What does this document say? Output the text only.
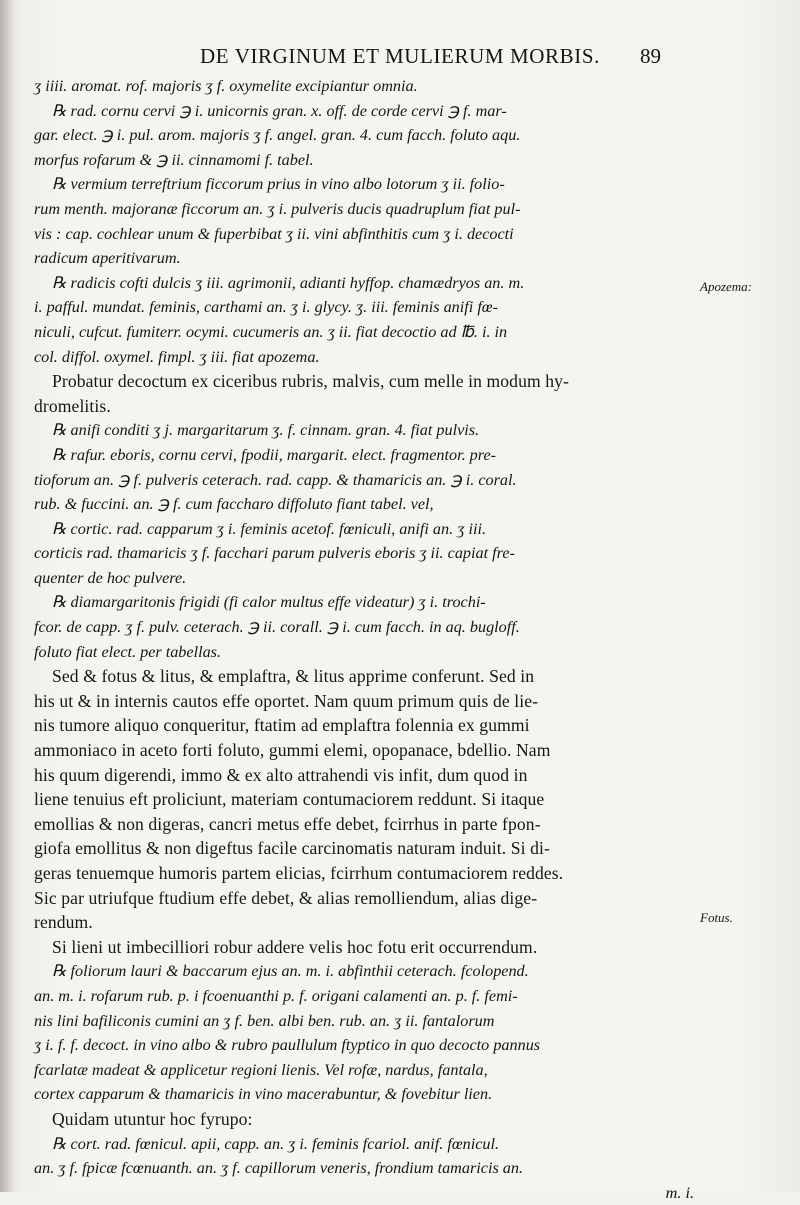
DE VIRGINUM ET MULIERUM MORBIS.	89
Apozema:
Fotus.
ʒ iiii. aromat. rof. majoris ʒ f. oxymelite excipiantur omnia.
℞ rad. cornu cervi ℈ i. unicornis gran. x. off. de corde cervi ℈ f. mar-
gar. elect. ℈ i. pul. arom. majoris ʒ f. angel. gran. 4. cum facch. foluto aqu.
morfus rofarum & ℈ ii. cinnamomi f. tabel.
℞ vermium terreftrium ficcorum prius in vino albo lotorum ʒ ii. folio-
rum menth. majoranæ ficcorum an. ʒ i. pulveris ducis quadruplum fiat pul-
vis : cap. cochlear unum & fuperbibat ʒ ii. vini abfinthitis cum ʒ i. decocti
radicum aperitivarum.
℞ radicis cofti dulcis ʒ iii. agrimonii, adianti hyffop. chamædryos an. m.
i. pafful. mundat. feminis, carthami an. ʒ i. glycy. ʒ. iii. feminis anifi fœ-
niculi, cufcut. fumiterr. ocymi. cucumeris an. ʒ ii. fiat decoctio ad ℔. i. in
col. diffol. oxymel. fimpl. ʒ iii. fiat apozema.
Probatur decoctum ex ciceribus rubris, malvis, cum melle in modum hy-
dromelitis.
℞ anifi conditi ʒ j. margaritarum ʒ. f. cinnam. gran. 4. fiat pulvis.
℞ rafur. eboris, cornu cervi, fpodii, margarit. elect. fragmentor. pre-
tioforum an. ℈ f. pulveris ceterach. rad. capp. & thamaricis an. ℈ i. coral.
rub. & fuccini. an. ℈ f. cum faccharo diffoluto fiant tabel. vel,
℞ cortic. rad. capparum ʒ i. feminis acetof. fœniculi, anifi an. ʒ iii.
corticis rad. thamaricis ʒ f. facchari parum pulveris eboris ʒ ii. capiat fre-
quenter de hoc pulvere.
℞ diamargaritonis frigidi (fi calor multus effe videatur) ʒ i. trochi-
fcor. de capp. ʒ f. pulv. ceterach. ℈ ii. corall. ℈ i. cum facch. in aq. bugloff.
foluto fiat elect. per tabellas.
Sed & fotus & litus, & emplaftra, & litus apprime conferunt. Sed in
his ut & in internis cautos effe oportet. Nam quum primum quis de lie-
nis tumore aliquo conqueritur, ftatim ad emplaftra folennia ex gummi
ammoniaco in aceto forti foluto, gummi elemi, opopanace, bdellio. Nam
his quum digerendi, immo & ex alto attrahendi vis infit, dum quod in
liene tenuius eft proliciunt, materiam contumaciorem reddunt. Si itaque
emollias & non digeras, cancri metus effe debet, fcirrhus in parte fpon-
giofa emollitus & non digeftus facile carcinomatis naturam induit. Si di-
geras tenuemque humoris partem elicias, fcirrhum contumaciorem reddes.
Sic par utriufque ftudium effe debet, & alias remolliendum, alias dige-
rendum.
Si lieni ut imbecilliori robur addere velis hoc fotu erit occurrendum.
℞ foliorum lauri & baccarum ejus an. m. i. abfinthii ceterach. fcolopend.
an. m. i. rofarum rub. p. i fcoenuanthi p. f. origani calamenti an. p. f. femi-
nis lini bafiliconis cumini an ʒ f. ben. albi ben. rub. an. ʒ ii. fantalorum
ʒ i. f. f. decoct. in vino albo & rubro paullulum ftyptico in quo decocto pannus
fcarlatæ madeat & applicetur regioni lienis. Vel rofæ, nardus, fantala,
cortex capparum & thamaricis in vino macerabuntur, & fovebitur lien.
Quidam utuntur hoc fyrupo:
℞ cort. rad. fœnicul. apii, capp. an. ʒ i. feminis fcariol. anif. fœnicul.
an. ʒ f. fpicæ fcœnuanth. an. ʒ f. capillorum veneris, frondium tamaricis an.
m. i.
